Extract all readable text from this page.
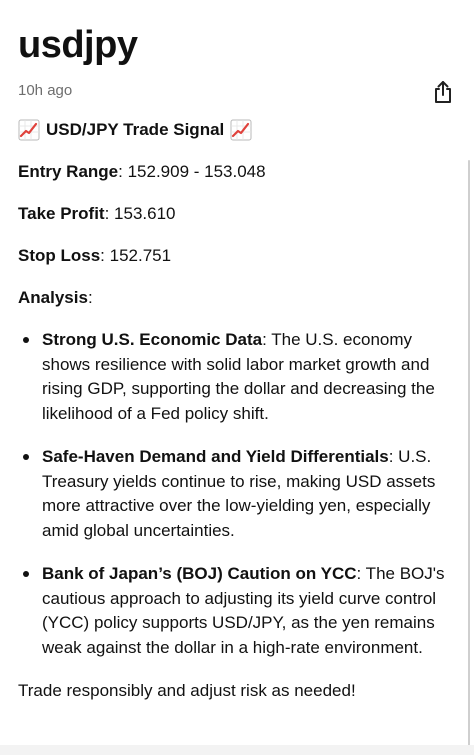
usdjpy
10h ago
USD/JPY Trade Signal
Entry Range: 152.909 - 153.048
Take Profit: 153.610
Stop Loss: 152.751
Analysis:
Strong U.S. Economic Data: The U.S. economy shows resilience with solid labor market growth and rising GDP, supporting the dollar and decreasing the likelihood of a Fed policy shift.
Safe-Haven Demand and Yield Differentials: U.S. Treasury yields continue to rise, making USD assets more attractive over the low-yielding yen, especially amid global uncertainties.
Bank of Japan’s (BOJ) Caution on YCC: The BOJ's cautious approach to adjusting its yield curve control (YCC) policy supports USD/JPY, as the yen remains weak against the dollar in a high-rate environment.
Trade responsibly and adjust risk as needed!
